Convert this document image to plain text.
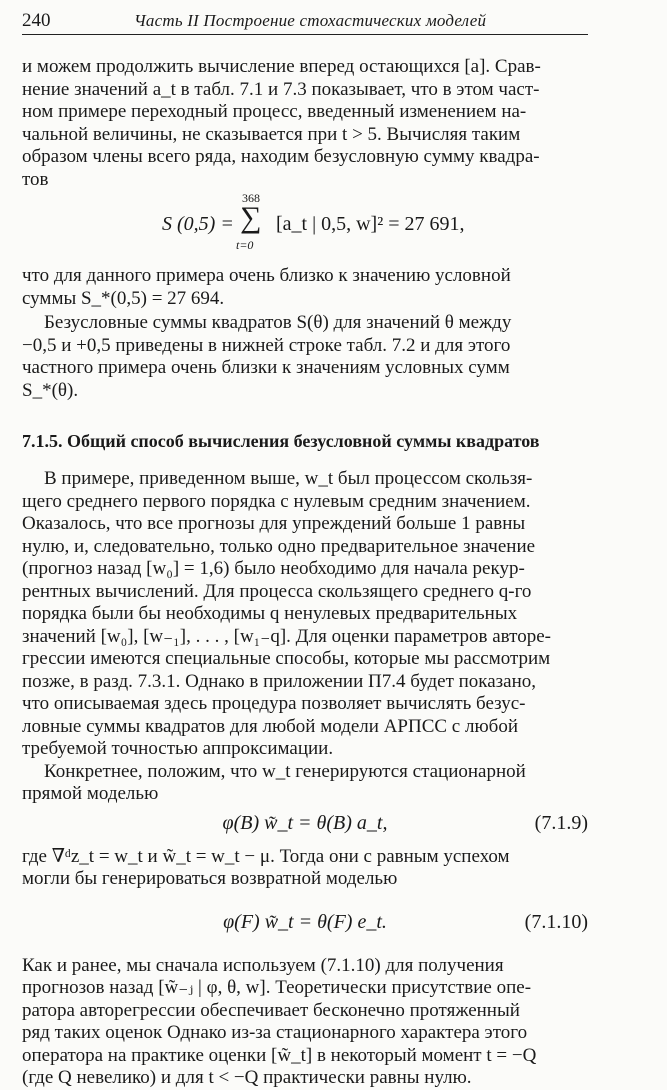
240	Часть II Построение стохастических моделей

и можем продолжить вычисление вперед остающихся [a]. Срав-

нение значений a_t в табл. 7.1 и 7.3 показывает, что в этом част-

ном примере переходный процесс, введенный изменением на-

чальной величины, не сказывается при t > 5. Вычисляя таким

образом члены всего ряда, находим безусловную сумму квадра-

тов

S (0,5) =
368
∑
t=0
[a_t | 0,5, w]² = 27 691,

что для данного примера очень близко к значению условной

суммы S_*(0,5) = 27 694.

Безусловные суммы квадратов S(θ) для значений θ между

−0,5 и +0,5 приведены в нижней строке табл. 7.2 и для этого

частного примера очень близки к значениям условных сумм

S_*(θ).

7.1.5. Общий способ вычисления безусловной суммы квадратов

В примере, приведенном выше, w_t был процессом скользя-

щего среднего первого порядка с нулевым средним значением.

Оказалось, что все прогнозы для упреждений больше 1 равны

нулю, и, следовательно, только одно предварительное значение

(прогноз назад [w₀] = 1,6) было необходимо для начала рекур-

рентных вычислений. Для процесса скользящего среднего q-го

порядка были бы необходимы q ненулевых предварительных

значений [w₀], [w₋₁], . . . , [w₁₋q]. Для оценки параметров авторе-

грессии имеются специальные способы, которые мы рассмотрим

позже, в разд. 7.3.1. Однако в приложении П7.4 будет показано,

что описываемая здесь процедура позволяет вычислять безус-

ловные суммы квадратов для любой модели АРПСС с любой

требуемой точностью аппроксимации.

Конкретнее, положим, что w_t генерируются стационарной

прямой моделью

φ(B) w̃_t = θ(B) a_t,	(7.1.9)

где ∇ᵈz_t = w_t и w̃_t = w_t − μ. Тогда они с равным успехом

могли бы генерироваться возвратной моделью

φ(F) w̃_t = θ(F) e_t.	(7.1.10)

Как и ранее, мы сначала используем (7.1.10) для получения

прогнозов назад [w̃₋ⱼ | φ, θ, w]. Теоретически присутствие опе-

ратора авторегрессии обеспечивает бесконечно протяженный

ряд таких оценок Однако из-за стационарного характера этого

оператора на практике оценки [w̃_t] в некоторый момент t = −Q

(где Q невелико) и для t < −Q практически равны нулю.
